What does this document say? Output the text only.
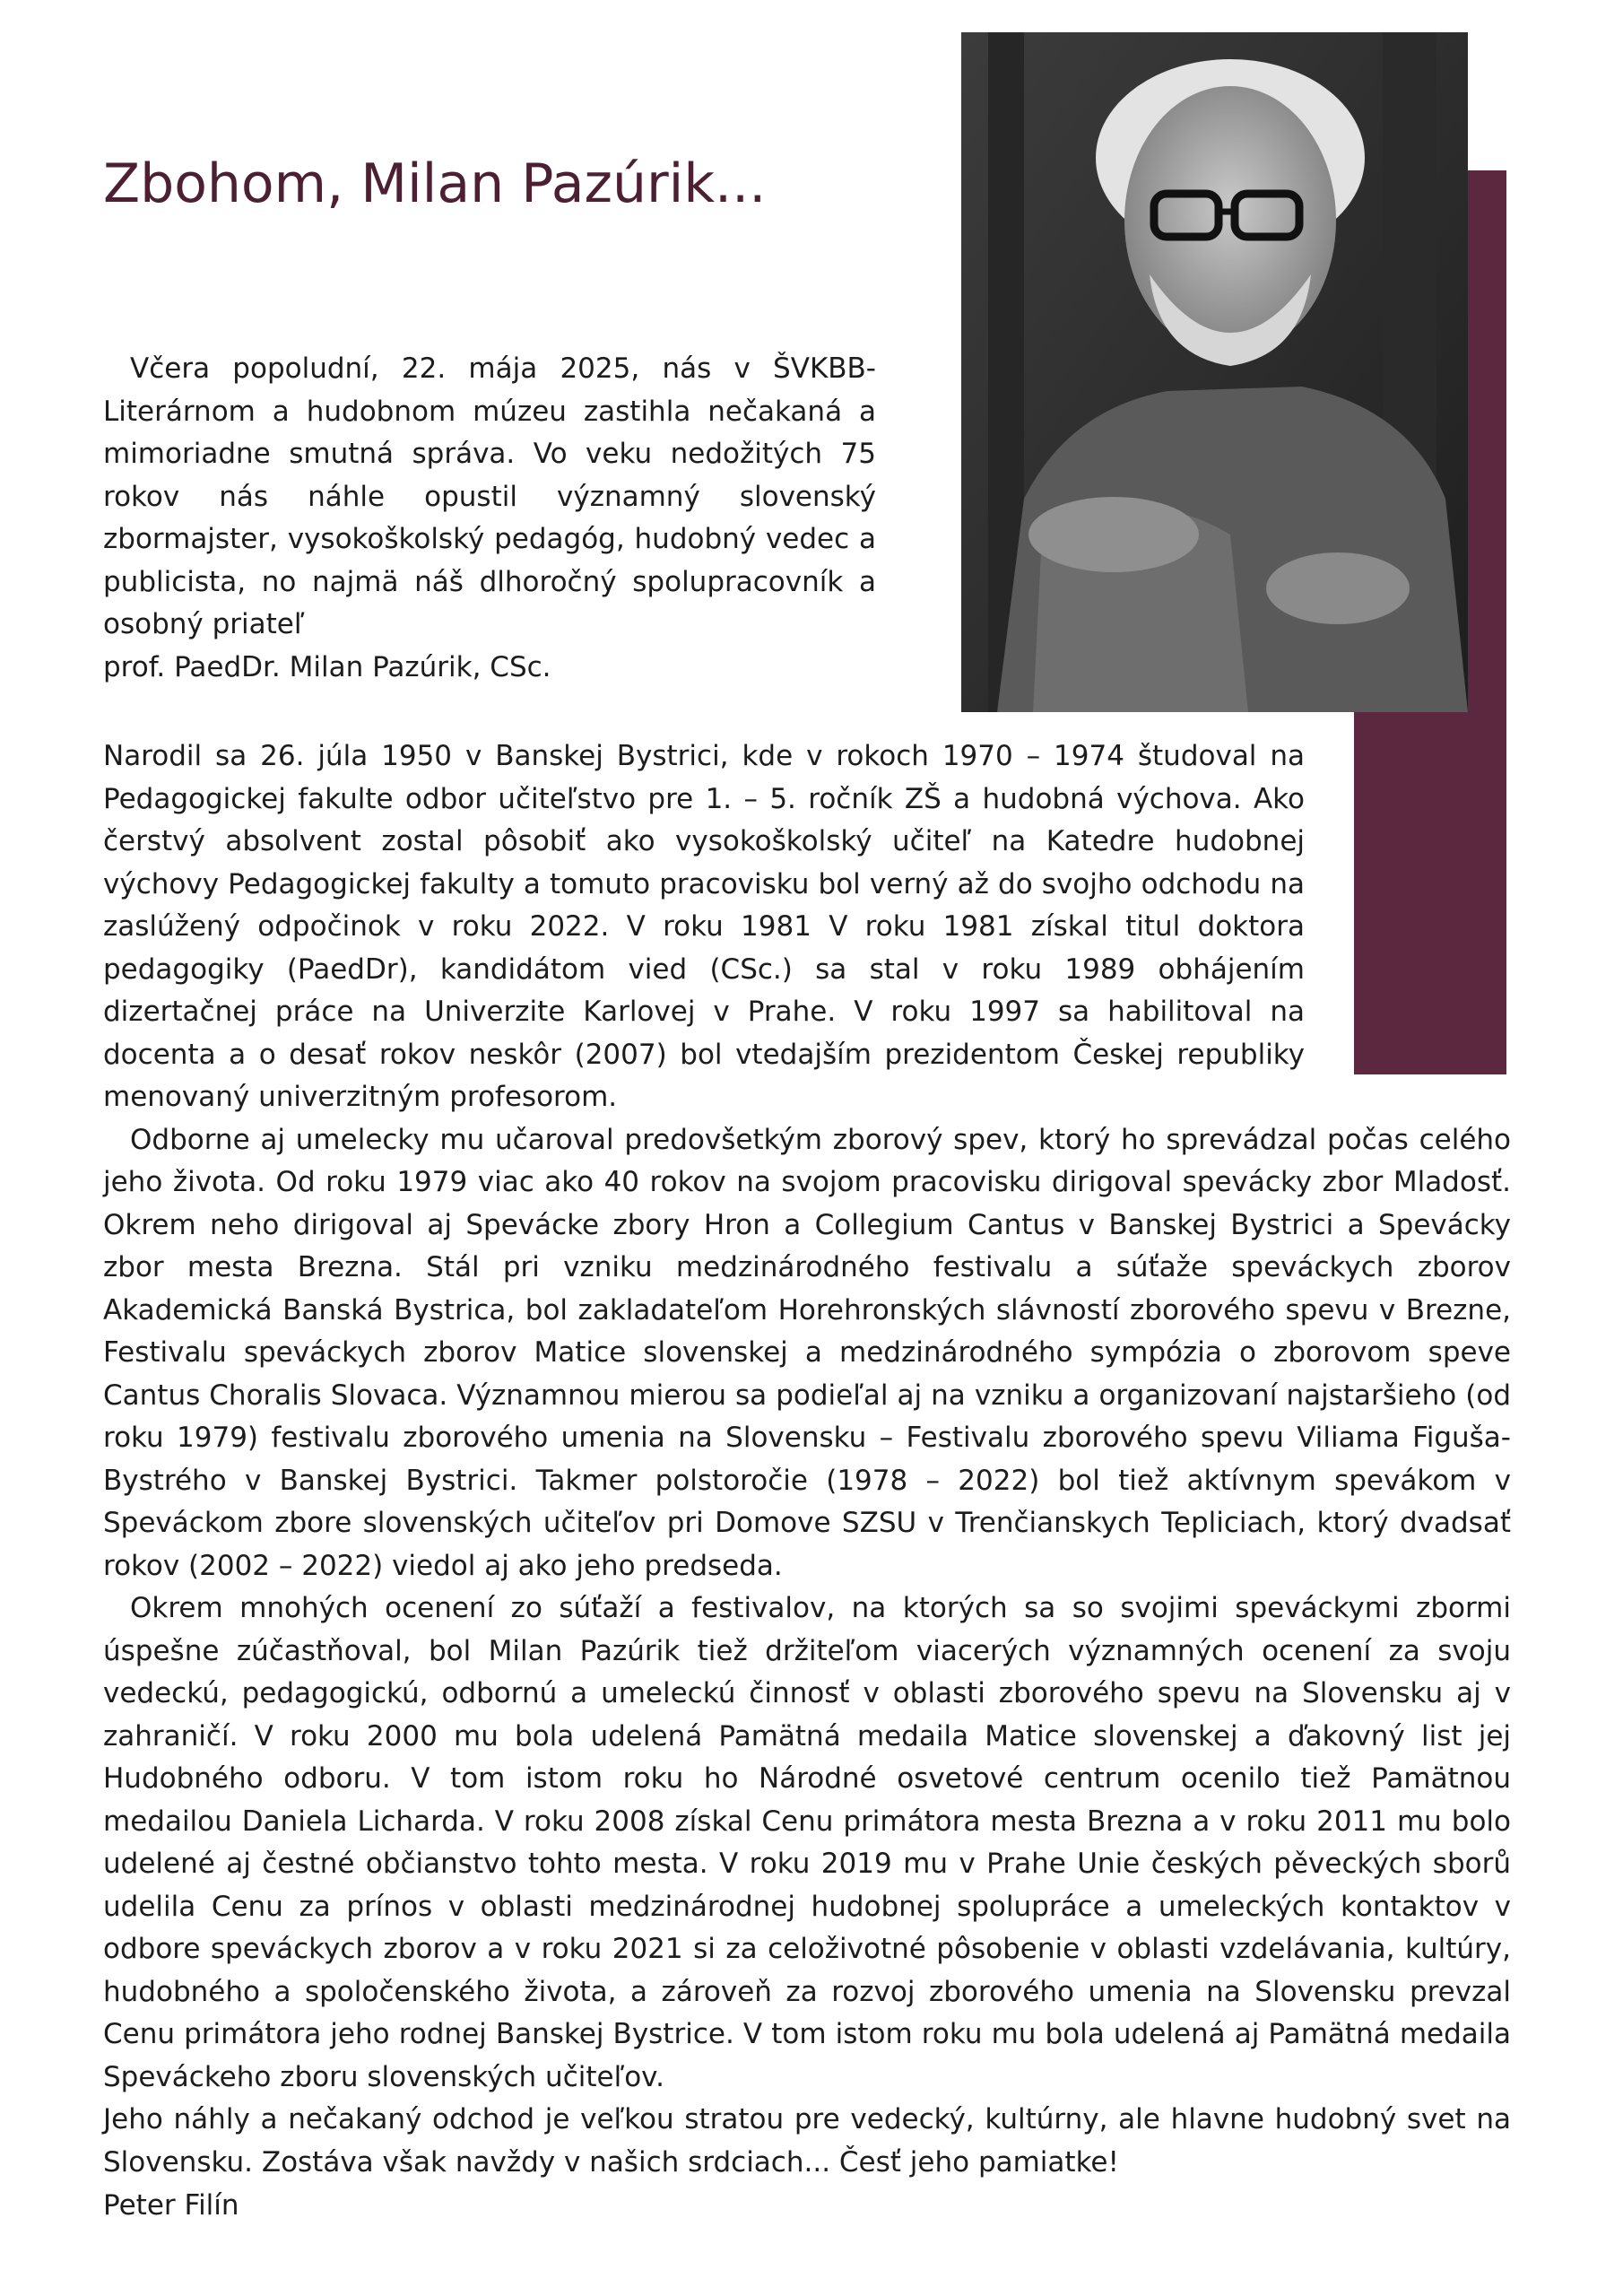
Zbohom, Milan Pazúrik...
Včera popoludní, 22. mája 2025, nás v ŠVKBB-Literárnom a hudobnom múzeu zastihla nečakaná a mimoriadne smutná správa. Vo veku nedožitých 75 rokov nás náhle opustil významný slovenský zbormajster, vysokoškolský pedagóg, hudobný vedec a publicista, no najmä náš dlhoročný spolupracovník a osobný priateľ
prof. PaedDr. Milan Pazúrik, CSc.

Narodil sa 26. júla 1950 v Banskej Bystrici, kde v rokoch 1970 – 1974 študoval na Pedagogickej fakulte odbor učiteľstvo pre 1. – 5. ročník ZŠ a hudobná výchova. Ako čerstvý absolvent zostal pôsobiť ako vysokoškolský učiteľ na Katedre hudobnej výchovy Pedagogickej fakulty a tomuto pracovisku bol verný až do svojho odchodu na zaslúžený odpočinok v roku 2022. V roku 1981 V roku 1981 získal titul doktora pedagogiky (PaedDr), kandidátom vied (CSc.) sa stal v roku 1989 obhájením dizertačnej práce na Univerzite Karlovej v Prahe. V roku 1997 sa habilitoval na docenta a o desať rokov neskôr (2007) bol vtedajším prezidentom Českej republiky menovaný univerzitným profesorom.

Odborne aj umelecky mu učaroval predovšetkým zborový spev, ktorý ho sprevádzal počas celého jeho života. Od roku 1979 viac ako 40 rokov na svojom pracovisku dirigoval spevácky zbor Mladosť. Okrem neho dirigoval aj Spevácke zbory Hron a Collegium Cantus v Banskej Bystrici a Spevácky zbor mesta Brezna. Stál pri vzniku medzinárodného festivalu a súťaže speváckych zborov Akademická Banská Bystrica, bol zakladateľom Horehronských slávností zborového spevu v Brezne, Festivalu speváckych zborov Matice slovenskej a medzinárodného sympózia o zborovom speve Cantus Choralis Slovaca. Významnou mierou sa podieľal aj na vzniku a organizovaní najstaršieho (od roku 1979) festivalu zborového umenia na Slovensku – Festivalu zborového spevu Viliama Figuša-Bystrého v Banskej Bystrici. Takmer polstoročie (1978 – 2022) bol tiež aktívnym spevákom v Speváckom zbore slovenských učiteľov pri Domove SZSU v Trenčianskych Tepliciach, ktorý dvadsať rokov (2002 – 2022) viedol aj ako jeho predseda.

Okrem mnohých ocenení zo súťaží a festivalov, na ktorých sa so svojimi speváckymi zbormi úspešne zúčastňoval, bol Milan Pazúrik tiež držiteľom viacerých významných ocenení za svoju vedeckú, pedagogickú, odbornú a umeleckú činnosť v oblasti zborového spevu na Slovensku aj v zahraničí. V roku 2000 mu bola udelená Pamätná medaila Matice slovenskej a ďakovný list jej Hudobného odboru. V tom istom roku ho Národné osvetové centrum ocenilo tiež Pamätnou medailou Daniela Licharda. V roku 2008 získal Cenu primátora mesta Brezna a v roku 2011 mu bolo udelené aj čestné občianstvo tohto mesta. V roku 2019 mu v Prahe Unie českých pěveckých sborů udelila Cenu za prínos v oblasti medzinárodnej hudobnej spolupráce a umeleckých kontaktov v odbore speváckych zborov a v roku 2021 si za celoživotné pôsobenie v oblasti vzdelávania, kultúry, hudobného a spoločenského života, a zároveň za rozvoj zborového umenia na Slovensku prevzal Cenu primátora jeho rodnej Banskej Bystrice. V tom istom roku mu bola udelená aj Pamätná medaila Speváckeho zboru slovenských učiteľov.

Jeho náhly a nečakaný odchod je veľkou stratou pre vedecký, kultúrny, ale hlavne hudobný svet na Slovensku. Zostáva však navždy v našich srdciach... Česť jeho pamiatke!

Peter Filín
